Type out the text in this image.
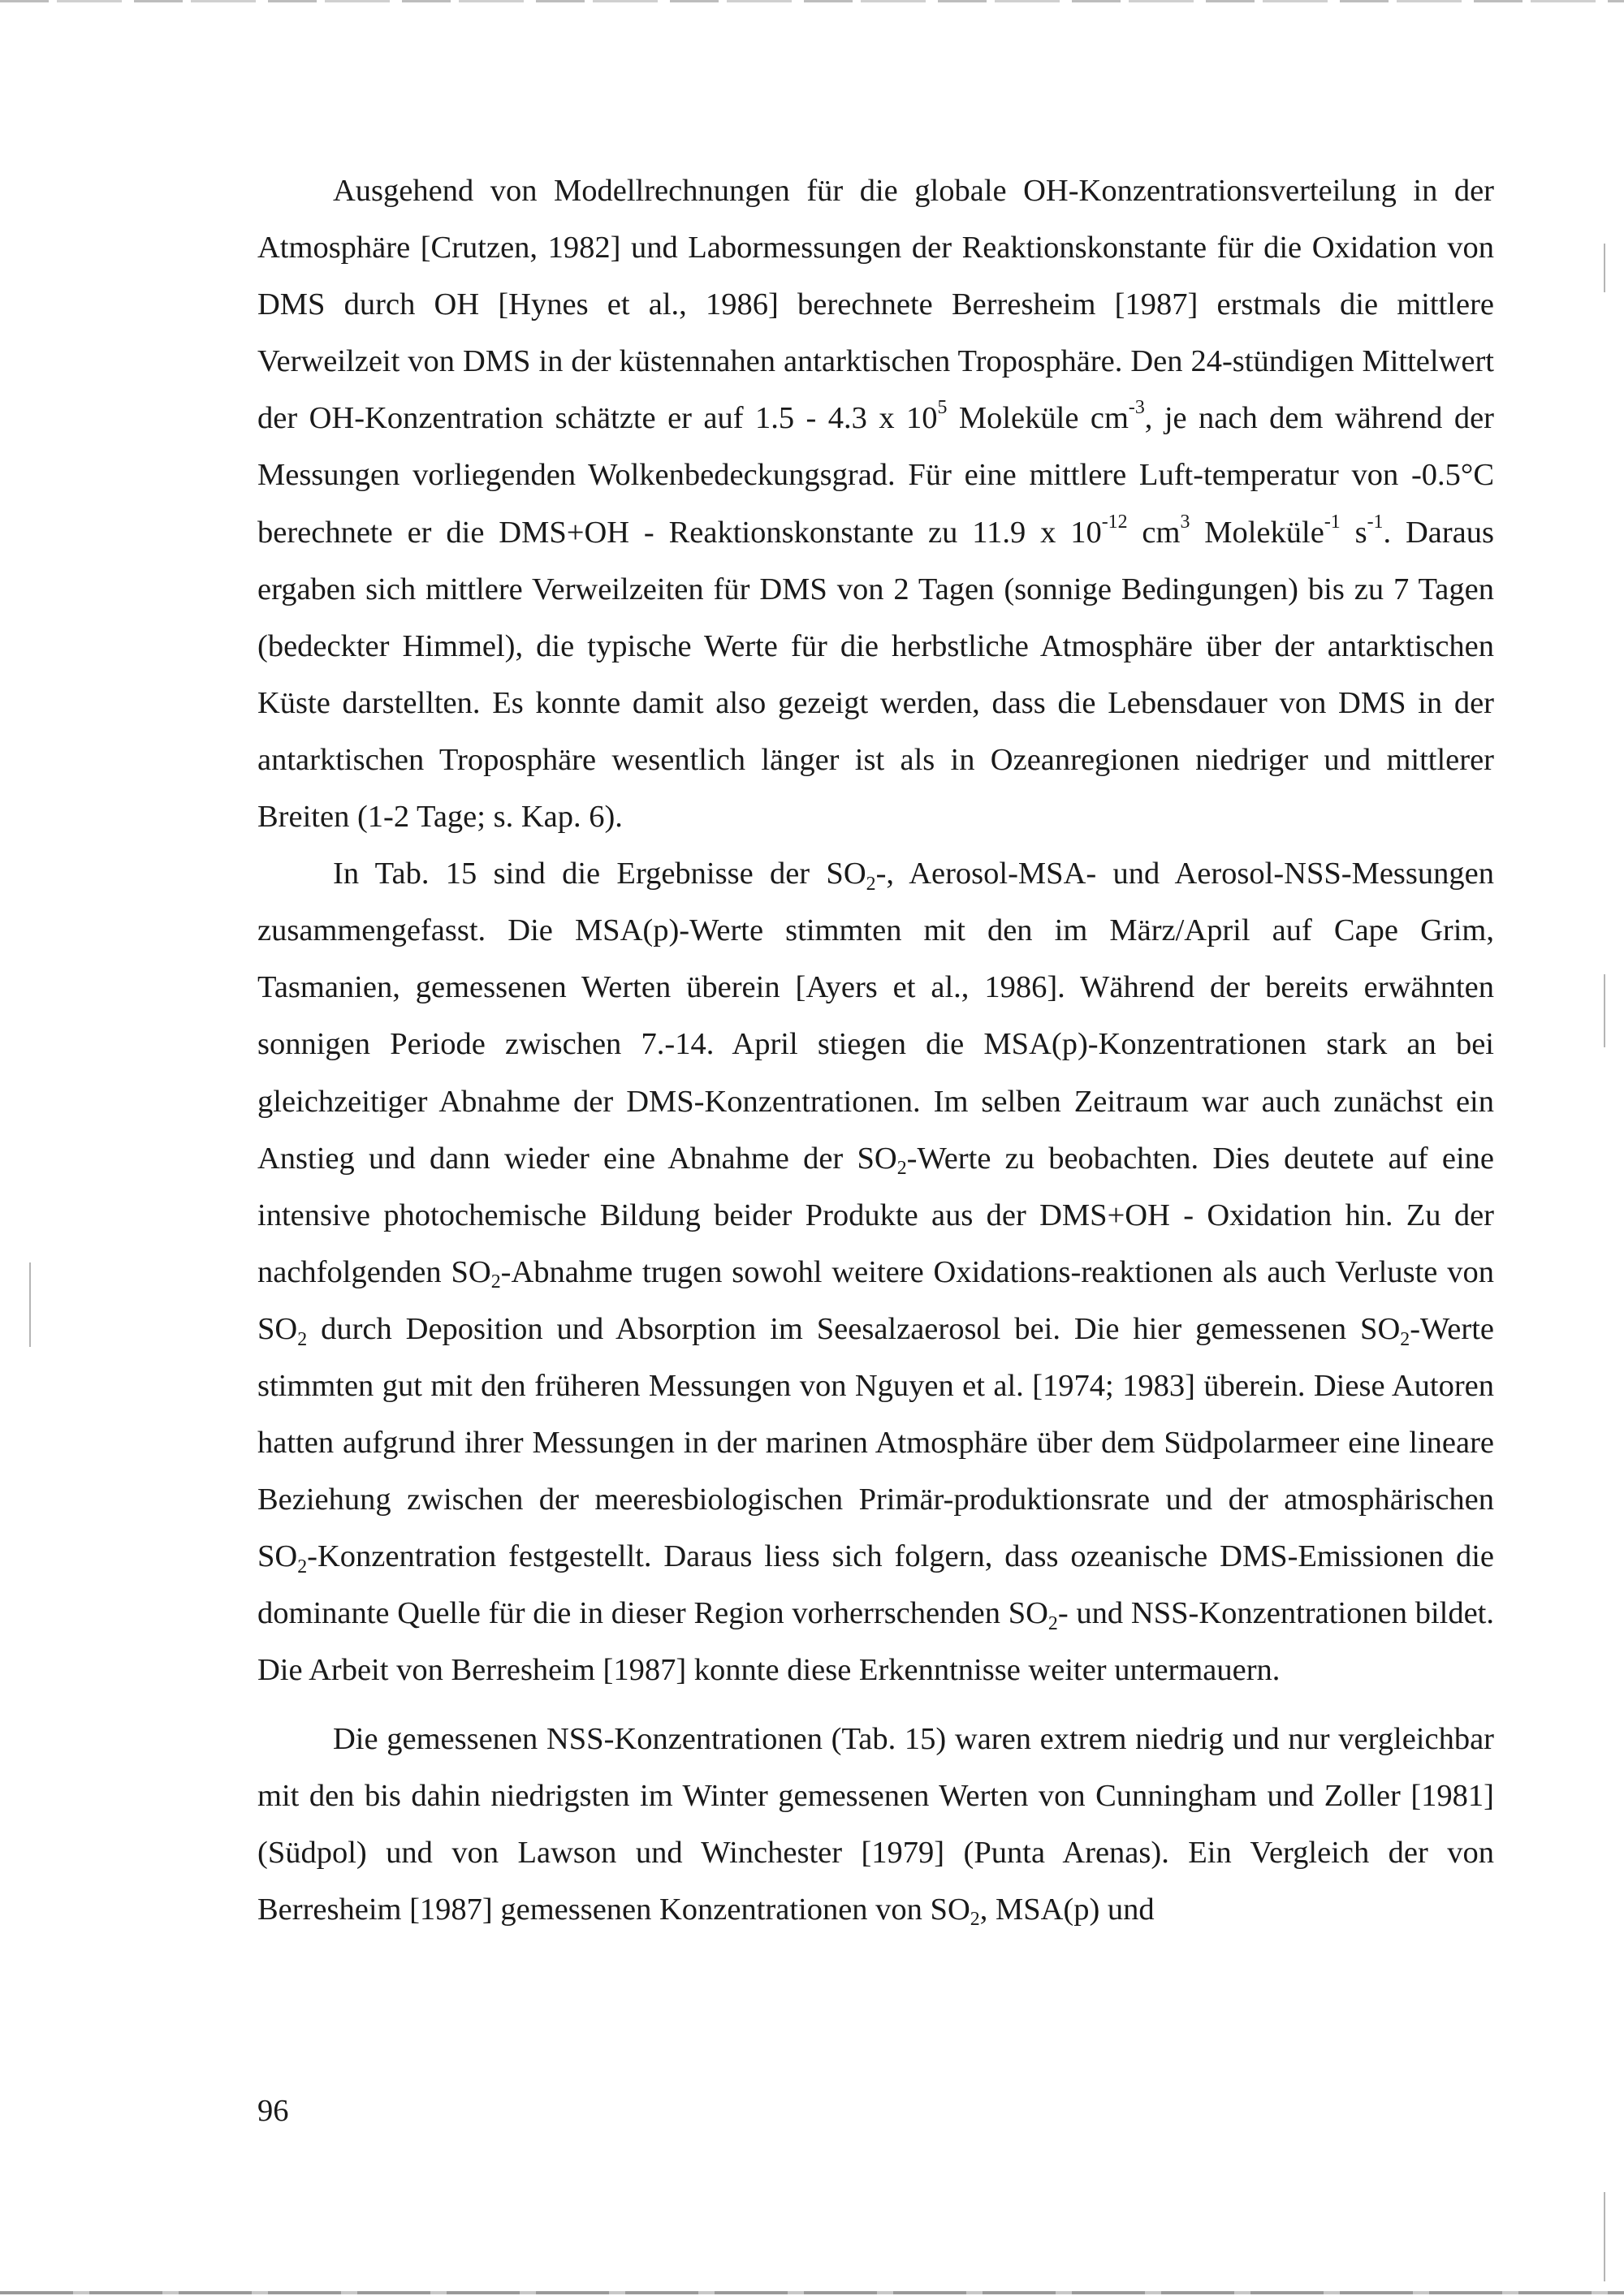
Ausgehend von Modellrechnungen für die globale OH-Konzentrationsverteilung in der Atmosphäre [Crutzen, 1982] und Labormessungen der Reaktionskonstante für die Oxidation von DMS durch OH [Hynes et al., 1986] berechnete Berresheim [1987] erstmals die mittlere Verweilzeit von DMS in der küstennahen antarktischen Troposphäre. Den 24-stündigen Mittelwert der OH-Konzentration schätzte er auf 1.5 - 4.3 x $10^5$ Moleküle $cm^{-3}$, je nach dem während der Messungen vorliegenden Wolkenbedeckungsgrad. Für eine mittlere Luft-temperatur von -0.5°C berechnete er die DMS+OH - Reaktionskonstante zu 11.9 x $10^{-12}$ $cm^3$ Moleküle$^{-1}$ $s^{-1}$. Daraus ergaben sich mittlere Verweilzeiten für DMS von 2 Tagen (sonnige Bedingungen) bis zu 7 Tagen (bedeckter Himmel), die typische Werte für die herbstliche Atmosphäre über der antarktischen Küste darstellten. Es konnte damit also gezeigt werden, dass die Lebensdauer von DMS in der antarktischen Troposphäre wesentlich länger ist als in Ozeanregionen niedriger und mittlerer Breiten (1-2 Tage; s. Kap. 6).

In Tab. 15 sind die Ergebnisse der $SO_2-$, Aerosol-MSA- und Aerosol-NSS-Messungen zusammengefasst. Die MSA(p)-Werte stimmten mit den im März/April auf Cape Grim, Tasmanien, gemessenen Werten überein [Ayers et al., 1986]. Während der bereits erwähnten sonnigen Periode zwischen 7.-14. April stiegen die MSA(p)-Konzentrationen stark an bei gleichzeitiger Abnahme der DMS-Konzentrationen. Im selben Zeitraum war auch zunächst ein Anstieg und dann wieder eine Abnahme der $SO_2$-Werte zu beobachten. Dies deutete auf eine intensive photochemische Bildung beider Produkte aus der DMS+OH - Oxidation hin. Zu der nachfolgenden $SO_2$-Abnahme trugen sowohl weitere Oxidations-reaktionen als auch Verluste von $SO_2$ durch Deposition und Absorption im Seesalzaerosol bei. Die hier gemessenen $SO_2$-Werte stimmten gut mit den früheren Messungen von Nguyen et al. [1974; 1983] überein. Diese Autoren hatten aufgrund ihrer Messungen in der marinen Atmosphäre über dem Südpolarmeer eine lineare Beziehung zwischen der meeresbiologischen Primär-produktionsrate und der atmosphärischen $SO_2$-Konzentration festgestellt. Daraus liess sich folgern, dass ozeanische DMS-Emissionen die dominante Quelle für die in dieser Region vorherrschenden $SO_2-$ und NSS-Konzentrationen bildet. Die Arbeit von Berresheim [1987] konnte diese Erkenntnisse weiter untermauern.

Die gemessenen NSS-Konzentrationen (Tab. 15) waren extrem niedrig und nur vergleichbar mit den bis dahin niedrigsten im Winter gemessenen Werten von Cunningham und Zoller [1981] (Südpol) und von Lawson und Winchester [1979] (Punta Arenas). Ein Vergleich der von Berresheim [1987] gemessenen Konzentrationen von $SO_2$, MSA(p) und

96
